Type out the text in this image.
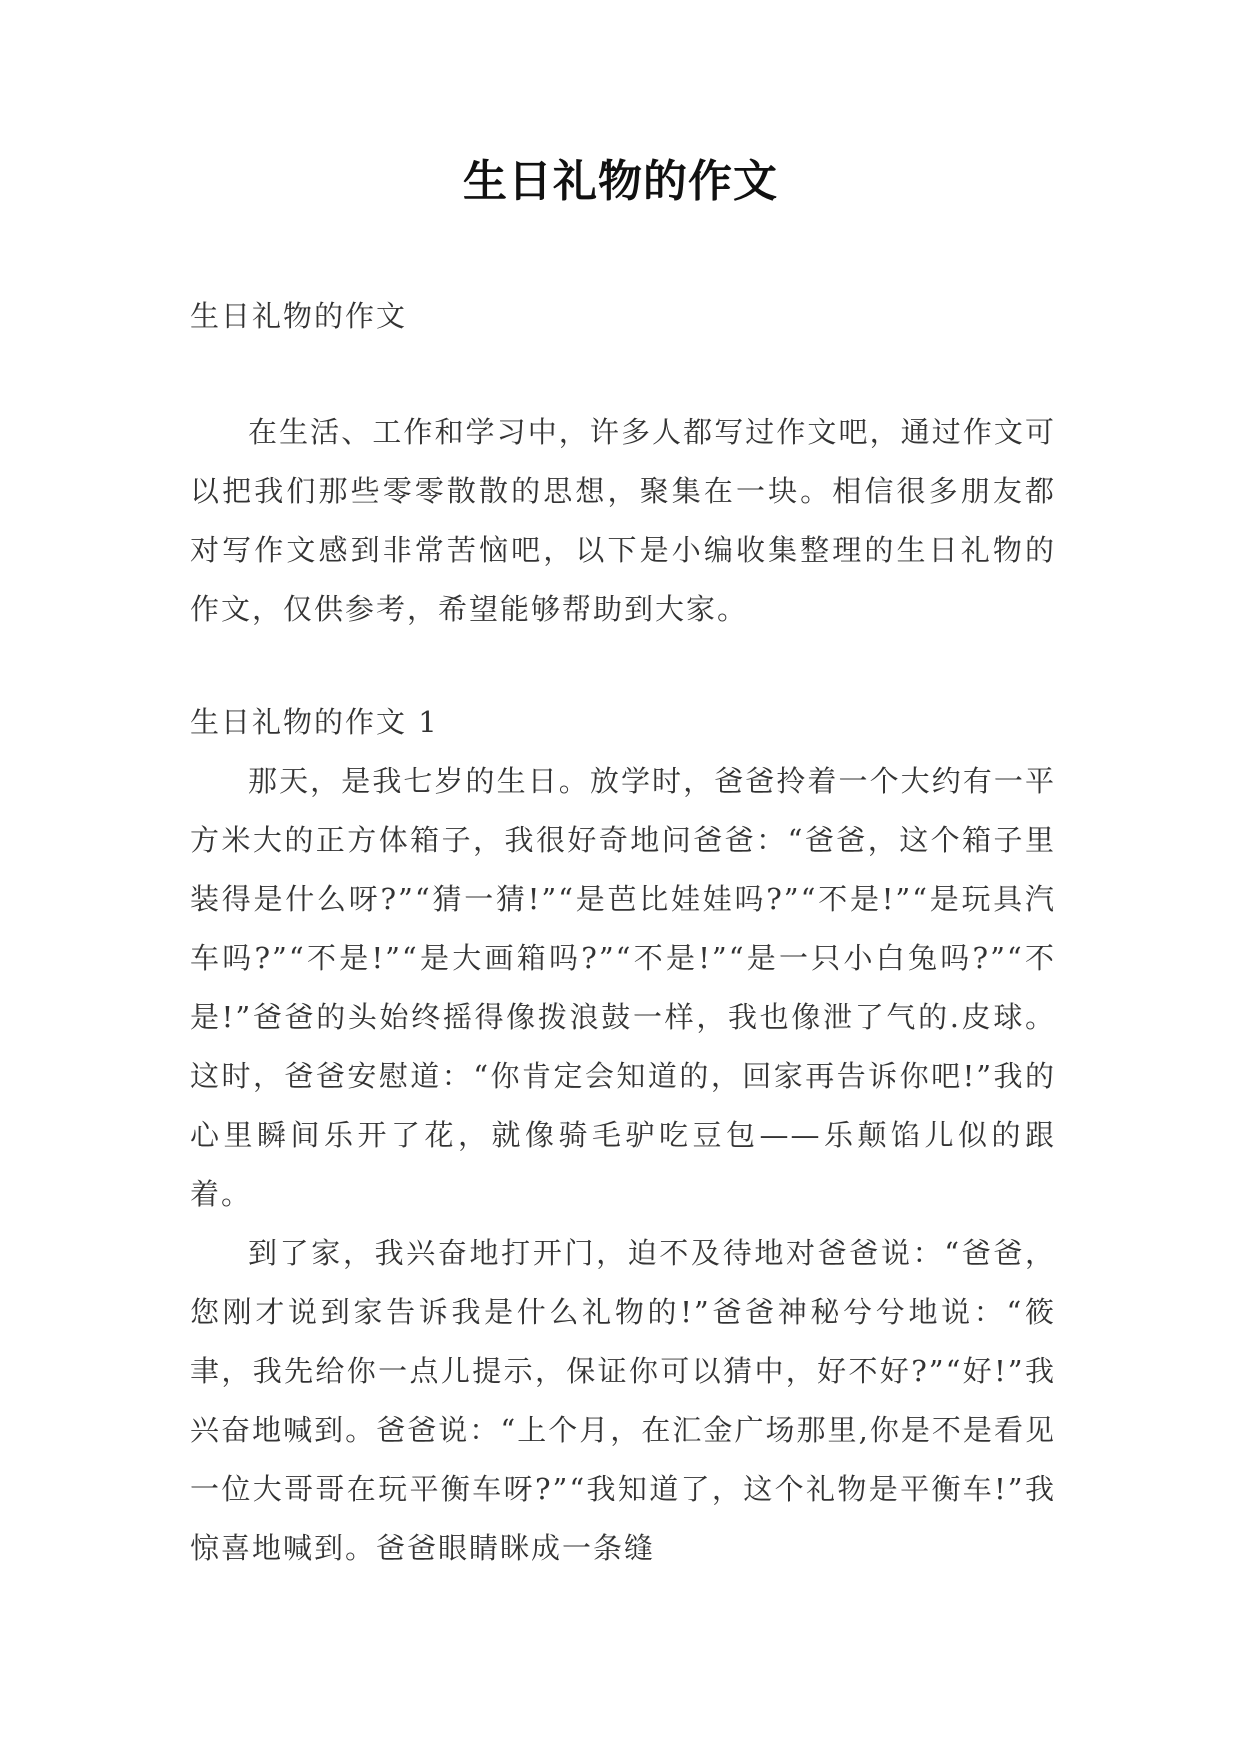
生日礼物的作文
生日礼物的作文

在生活、工作和学习中，许多人都写过作文吧，通过作文可以把我们那些零零散散的思想，聚集在一块。相信很多朋友都对写作文感到非常苦恼吧，以下是小编收集整理的生日礼物的作文，仅供参考，希望能够帮助到大家。

生日礼物的作文 1

那天，是我七岁的生日。放学时，爸爸拎着一个大约有一平方米大的正方体箱子，我很好奇地问爸爸：“爸爸，这个箱子里装得是什么呀?”“猜一猜!”“是芭比娃娃吗?”“不是!”“是玩具汽车吗?”“不是!”“是大画箱吗?”“不是!”“是一只小白兔吗?”“不是!”爸爸的头始终摇得像拨浪鼓一样，我也像泄了气的.皮球。这时，爸爸安慰道：“你肯定会知道的，回家再告诉你吧!”我的心里瞬间乐开了花，就像骑毛驴吃豆包——乐颠馅儿似的跟着。

到了家，我兴奋地打开门，迫不及待地对爸爸说：“爸爸，您刚才说到家告诉我是什么礼物的!”爸爸神秘兮兮地说：“筱聿，我先给你一点儿提示，保证你可以猜中，好不好?”“好!”我兴奋地喊到。爸爸说：“上个月，在汇金广场那里,你是不是看见一位大哥哥在玩平衡车呀?”“我知道了，这个礼物是平衡车!”我惊喜地喊到。爸爸眼睛眯成一条缝
